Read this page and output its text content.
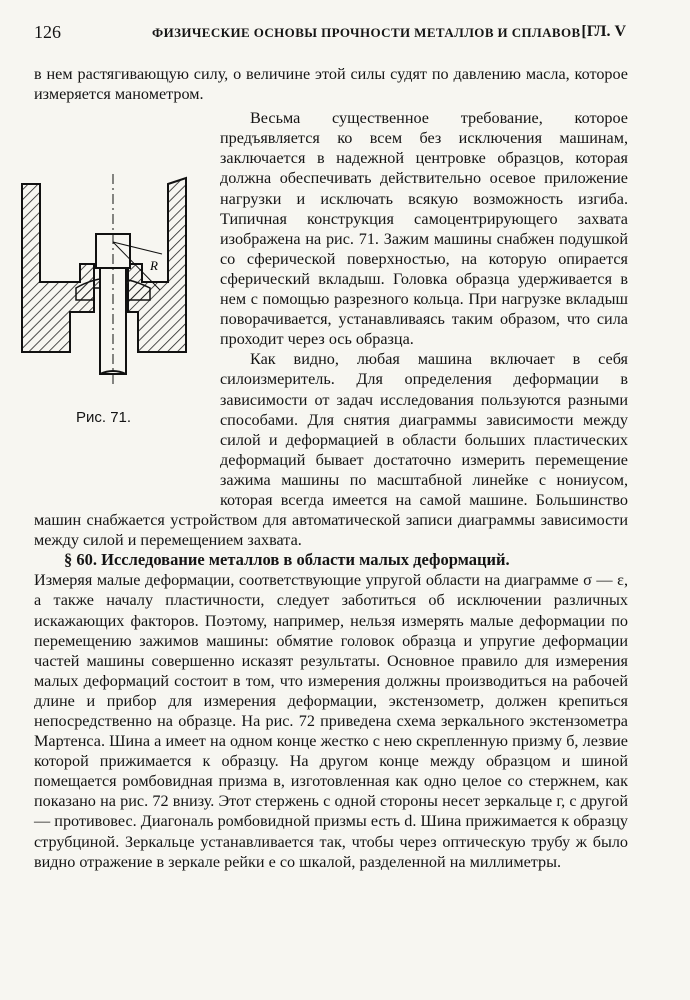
126	ФИЗИЧЕСКИЕ ОСНОВЫ ПРОЧНОСТИ МЕТАЛЛОВ И СПЛАВОВ [ГЛ. V

в нем растягивающую силу, о величине этой силы судят по давлению масла, которое измеряется манометром.

R
Рис. 71.
Весьма существенное требование, которое предъявляется ко всем без исключения машинам, заключается в надежной центровке образцов, которая должна обеспечивать действительно осевое приложение нагрузки и исключать всякую возможность изгиба. Типичная конструкция самоцентрирующего захвата изображена на рис. 71. Зажим машины снабжен подушкой со сферической поверхностью, на которую опирается сферический вкладыш. Головка образца удерживается в нем с помощью разрезного кольца. При нагрузке вкладыш поворачивается, устанавливаясь таким образом, что сила проходит через ось образца.

Как видно, любая машина включает в себя силоизмеритель. Для определения деформации в зависимости от задач исследования пользуются разными способами. Для снятия диаграммы зависимости между силой и деформацией в области больших пластических деформаций бывает достаточно измерить перемещение зажима машины по масштабной линейке с нониусом, которая всегда имеется на самой машине. Большинство машин снабжается устройством для автоматической записи диаграммы зависимости между силой и перемещением захвата.

§ 60. Исследование металлов в области малых деформаций.

Измеряя малые деформации, соответствующие упругой области на диаграмме σ — ε, а также началу пластичности, следует заботиться об исключении различных искажающих факторов. Поэтому, например, нельзя измерять малые деформации по перемещению зажимов машины: обмятие головок образца и упругие деформации частей машины совершенно исказят результаты. Основное правило для измерения малых деформаций состоит в том, что измерения должны производиться на рабочей длине и прибор для измерения деформации, экстензометр, должен крепиться непосредственно на образце. На рис. 72 приведена схема зеркального экстензометра Мартенса. Шина а имеет на одном конце жестко с нею скрепленную призму б, лезвие которой прижимается к образцу. На другом конце между образцом и шиной помещается ромбовидная призма в, изготовленная как одно целое со стержнем, как показано на рис. 72 внизу. Этот стержень с одной стороны несет зеркальце г, с другой — противовес. Диагональ ромбовидной призмы есть d. Шина прижимается к образцу струбциной. Зеркальце устанавливается так, чтобы через оптическую трубу ж было видно отражение в зеркале рейки е со шкалой, разделенной на миллиметры.
